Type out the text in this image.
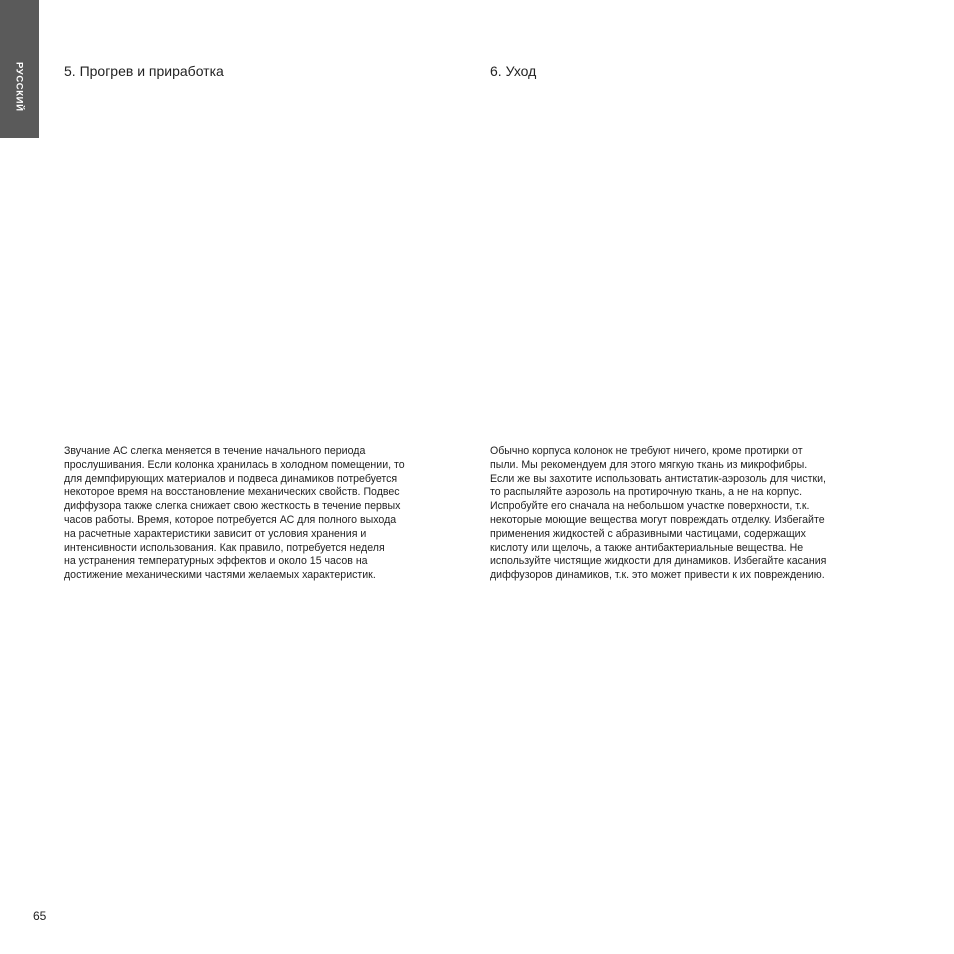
РУССКИЙ	5. Прогрев и приработка	6. Уход

Звучание АС слегка меняется в течение начального периода
прослушивания. Если колонка хранилась в холодном помещении, то
для демпфирующих материалов и подвеса динамиков потребуется
некоторое время на восстановление механических свойств. Подвес
диффузора также слегка снижает свою жесткость в течение первых
часов работы. Время, которое потребуется АС для полного выхода
на расчетные характеристики зависит от условия хранения и
интенсивности использования. Как правило, потребуется неделя
на устранения температурных эффектов и около 15 часов на
достижение механическими частями желаемых характеристик.

Обычно корпуса колонок не требуют ничего, кроме протирки от
пыли. Мы рекомендуем для этого мягкую ткань из микрофибры.
Если же вы захотите использовать антистатик-аэрозоль для чистки,
то распыляйте аэрозоль на протирочную ткань, а не на корпус.
Испробуйте его сначала на небольшом участке поверхности, т.к.
некоторые моющие вещества могут повреждать отделку. Избегайте
применения жидкостей с абразивными частицами, содержащих
кислоту или щелочь, а также антибактериальные вещества. Не
используйте чистящие жидкости для динамиков. Избегайте касания
диффузоров динамиков, т.к. это может привести к их повреждению.

65
